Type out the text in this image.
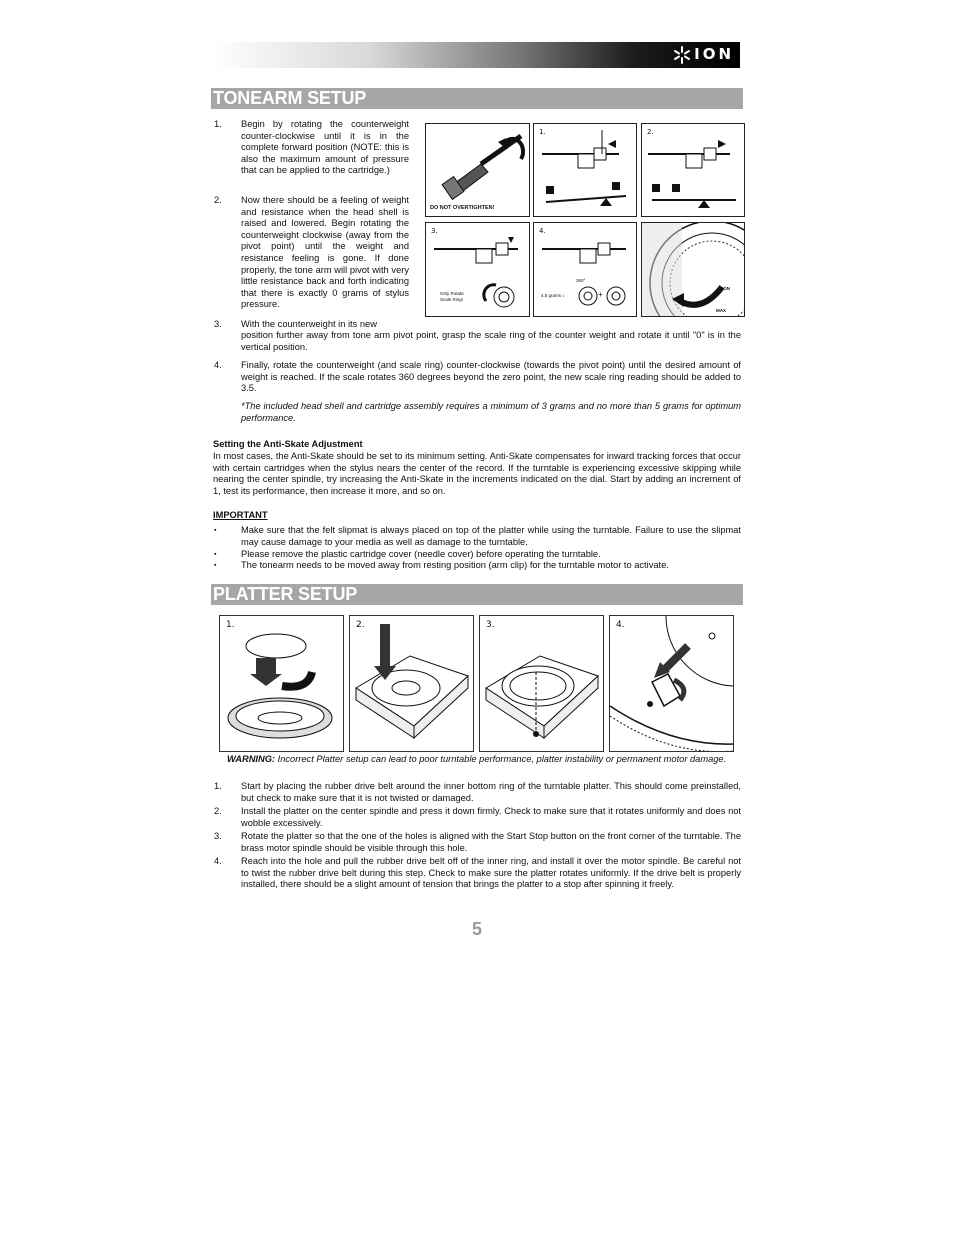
ION
TONEARM SETUP
1.	Begin by rotating the counterweight counter-clockwise until it is in the complete forward position (NOTE: this is also the maximum amount of pressure that can be applied to the cartridge.)
2.	Now there should be a feeling of weight and resistance when the head shell is raised and lowered. Begin rotating the counterweight clockwise (away from the pivot point) until the weight and resistance feeling is gone. If done properly, the tone arm will pivot with very little resistance back and forth indicating that there is exactly 0 grams of stylus pressure.
3.	With the counterweight in its new
position further away from tone arm pivot point, grasp the scale ring of the counter weight and rotate it until "0" is in the vertical position.
4.	Finally, rotate the counterweight (and scale ring) counter-clockwise (towards the pivot point) until the desired amount of weight is reached. If the scale rotates 360 degrees beyond the zero point, the new scale ring reading should be added to 3.5.
*The included head shell and cartridge assembly requires a minimum of 3 grams and no more than 5 grams for optimum performance.
DO NOT OVERTIGHTEN!
1.	2.
3.
Only Rotate Scale Ring!
4.
360°
4.5 grams =	+
NON
MAX
Setting the Anti-Skate Adjustment
In most cases, the Anti-Skate should be set to its minimum setting. Anti-Skate compensates for inward tracking forces that occur with certain cartridges when the stylus nears the center of the record. If the turntable is experiencing excessive skipping while nearing the center spindle, try increasing the Anti-Skate in the increments indicated on the dial. Start by adding an increment of 1, test its performance, then increase it more, and so on.
IMPORTANT
▪	Make sure that the felt slipmat is always placed on top of the platter while using the turntable. Failure to use the slipmat may cause damage to your media as well as damage to the turntable.
▪	Please remove the plastic cartridge cover (needle cover) before operating the turntable.
▪	The tonearm needs to be moved away from resting position (arm clip) for the turntable motor to activate.
PLATTER SETUP
1.	2.	3.	4.
WARNING: Incorrect Platter setup can lead to poor turntable performance, platter instability or permanent motor damage.
1.	Start by placing the rubber drive belt around the inner bottom ring of the turntable platter. This should come preinstalled, but check to make sure that it is not twisted or damaged.
2.	Install the platter on the center spindle and press it down firmly. Check to make sure that it rotates uniformly and does not wobble excessively.
3.	Rotate the platter so that the one of the holes is aligned with the Start Stop button on the front corner of the turntable. The brass motor spindle should be visible through this hole.
4.	Reach into the hole and pull the rubber drive belt off of the inner ring, and install it over the motor spindle. Be careful not to twist the rubber drive belt during this step. Check to make sure the platter rotates uniformly. If the drive belt is properly installed, there should be a slight amount of tension that brings the platter to a stop after spinning it freely.
5
